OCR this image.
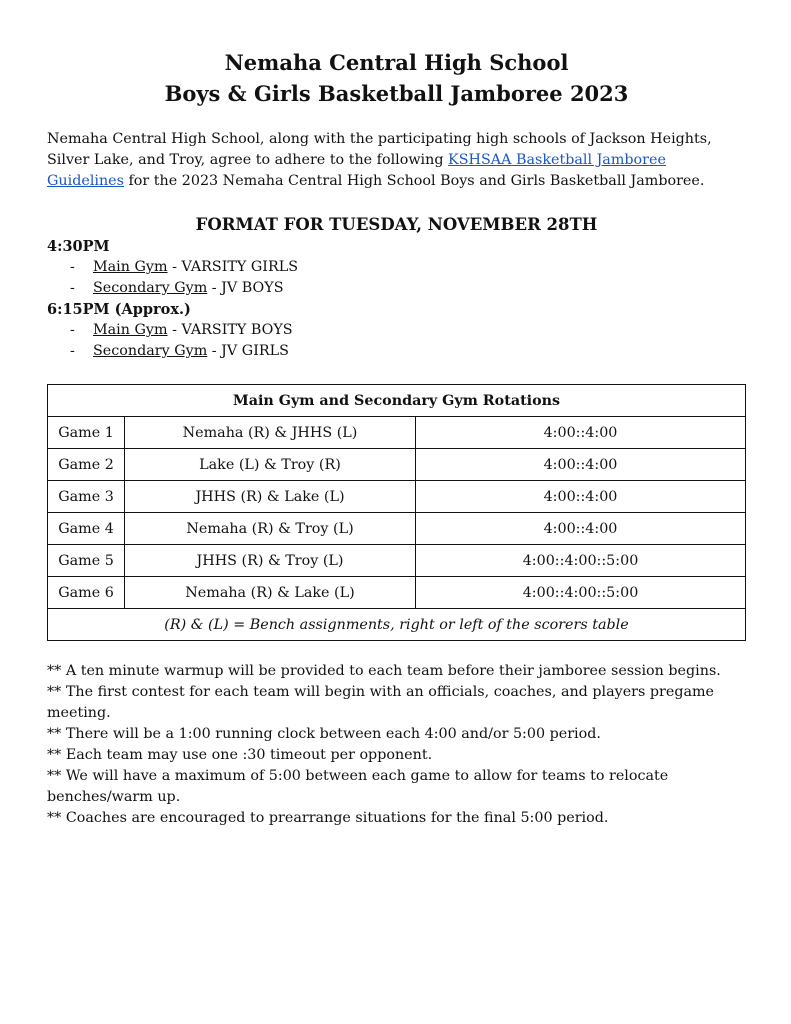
Nemaha Central High School
Boys & Girls Basketball Jamboree 2023

Nemaha Central High School, along with the participating high schools of Jackson Heights, Silver Lake, and Troy, agree to adhere to the following KSHSAA Basketball Jamboree Guidelines for the 2023 Nemaha Central High School Boys and Girls Basketball Jamboree.

FORMAT FOR TUESDAY, NOVEMBER 28TH

4:30PM

- Main Gym - VARSITY GIRLS
- Secondary Gym - JV BOYS

6:15PM (Approx.)

- Main Gym - VARSITY BOYS
- Secondary Gym - JV GIRLS
Main Gym and Secondary Gym Rotations		
Game 1	Nemaha (R) & JHHS (L)	4:00::4:00
Game 2	Lake (L) & Troy (R)	4:00::4:00
Game 3	JHHS (R) & Lake (L)	4:00::4:00
Game 4	Nemaha (R) & Troy (L)	4:00::4:00
Game 5	JHHS (R) & Troy (L)	4:00::4:00::5:00
Game 6	Nemaha (R) & Lake (L)	4:00::4:00::5:00
(R) & (L) = Bench assignments, right or left of the scorers table		

** A ten minute warmup will be provided to each team before their jamboree session begins.

** The first contest for each team will begin with an officials, coaches, and players pregame meeting.

** There will be a 1:00 running clock between each 4:00 and/or 5:00 period.

** Each team may use one :30 timeout per opponent.

** We will have a maximum of 5:00 between each game to allow for teams to relocate benches/warm up.

** Coaches are encouraged to prearrange situations for the final 5:00 period.
